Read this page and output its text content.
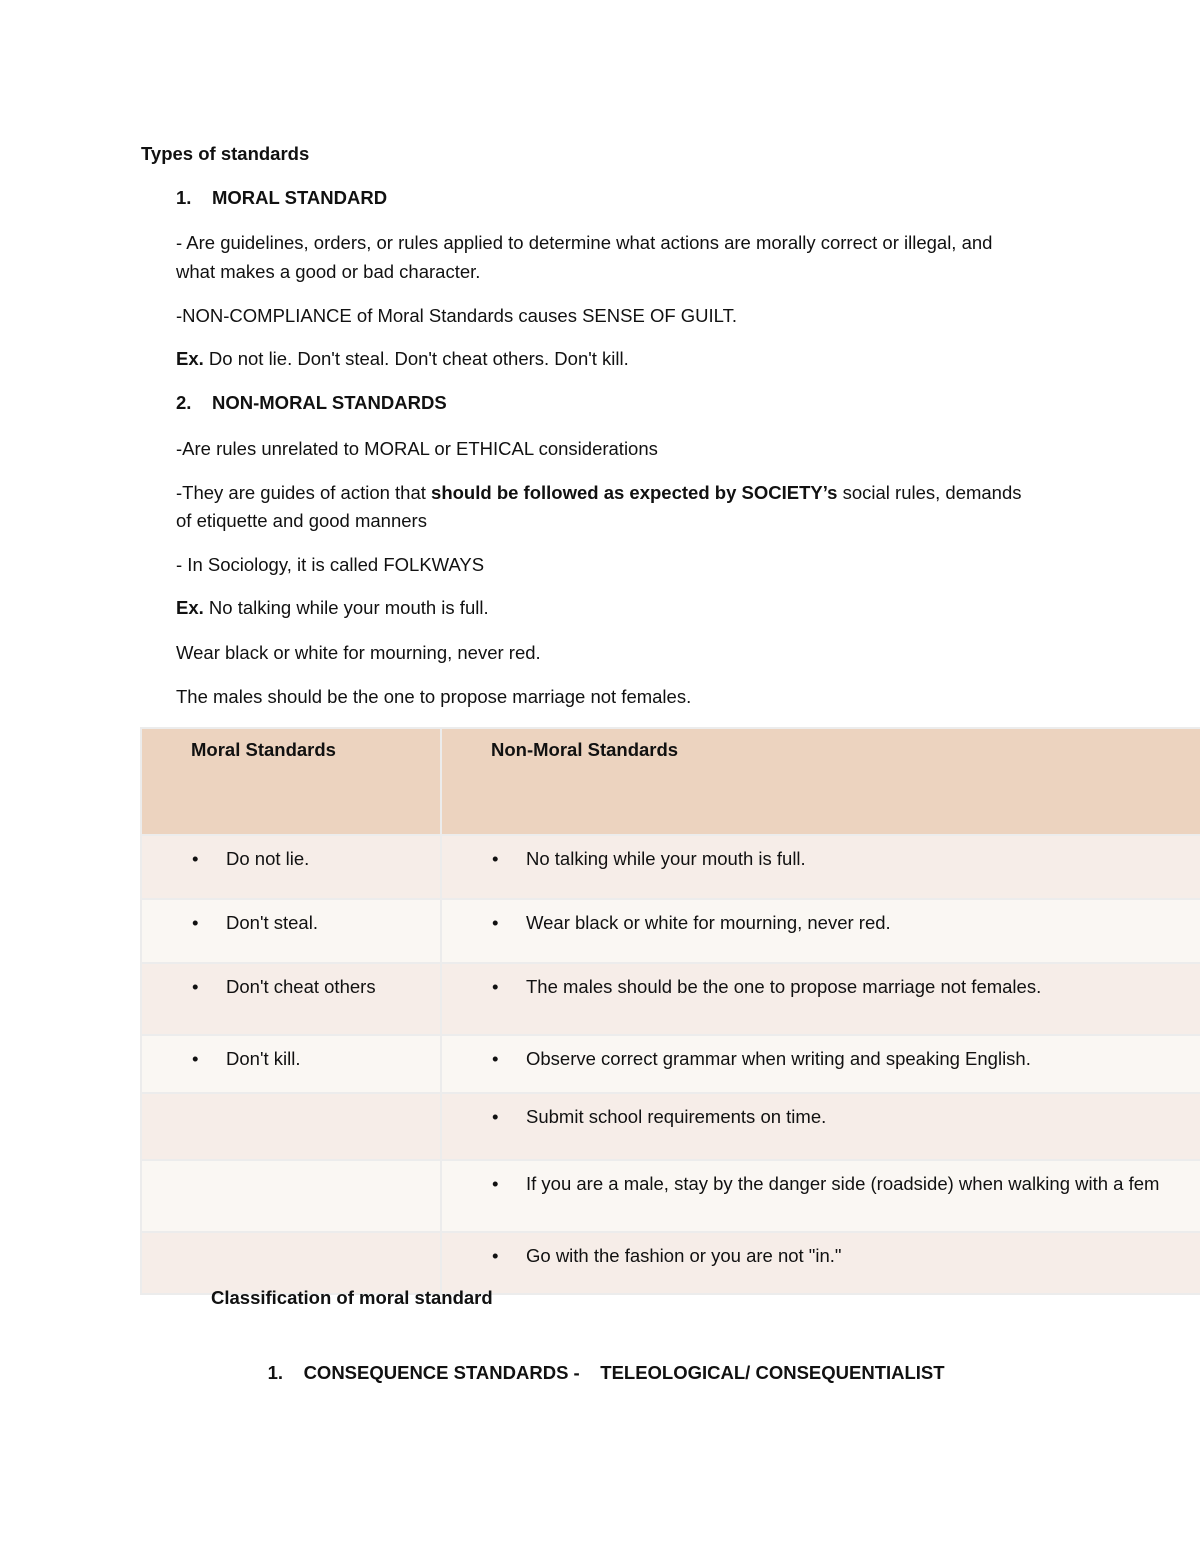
Types of standards
1. MORAL STANDARD
- Are guidelines, orders, or rules applied to determine what actions are morally correct or illegal, and
what makes a good or bad character.
-NON-COMPLIANCE of Moral Standards causes SENSE OF GUILT.
Ex. Do not lie. Don't steal. Don't cheat others. Don't kill.
2. NON-MORAL STANDARDS
-Are rules unrelated to MORAL or ETHICAL considerations
-They are guides of action that should be followed as expected by SOCIETY’s social rules, demands
of etiquette and good manners
- In Sociology, it is called FOLKWAYS
Ex. No talking while your mouth is full.
Wear black or white for mourning, never red.
The males should be the one to propose marriage not females.
Moral Standards	Non-Moral Standards

• Do not lie.	• No talking while your mouth is full.

• Don't steal.	• Wear black or white for mourning, never red.

• Don't cheat others	• The males should be the one to propose marriage not females.

• Don't kill.	• Observe correct grammar when writing and speaking English.

	• Submit school requirements on time.

	• If you are a male, stay by the danger side (roadside) when walking with a fem

	• Go with the fashion or you are not "in."
Classification of moral standard

1. CONSEQUENCE STANDARDS -    TELEOLOGICAL/ CONSEQUENTIALIST
